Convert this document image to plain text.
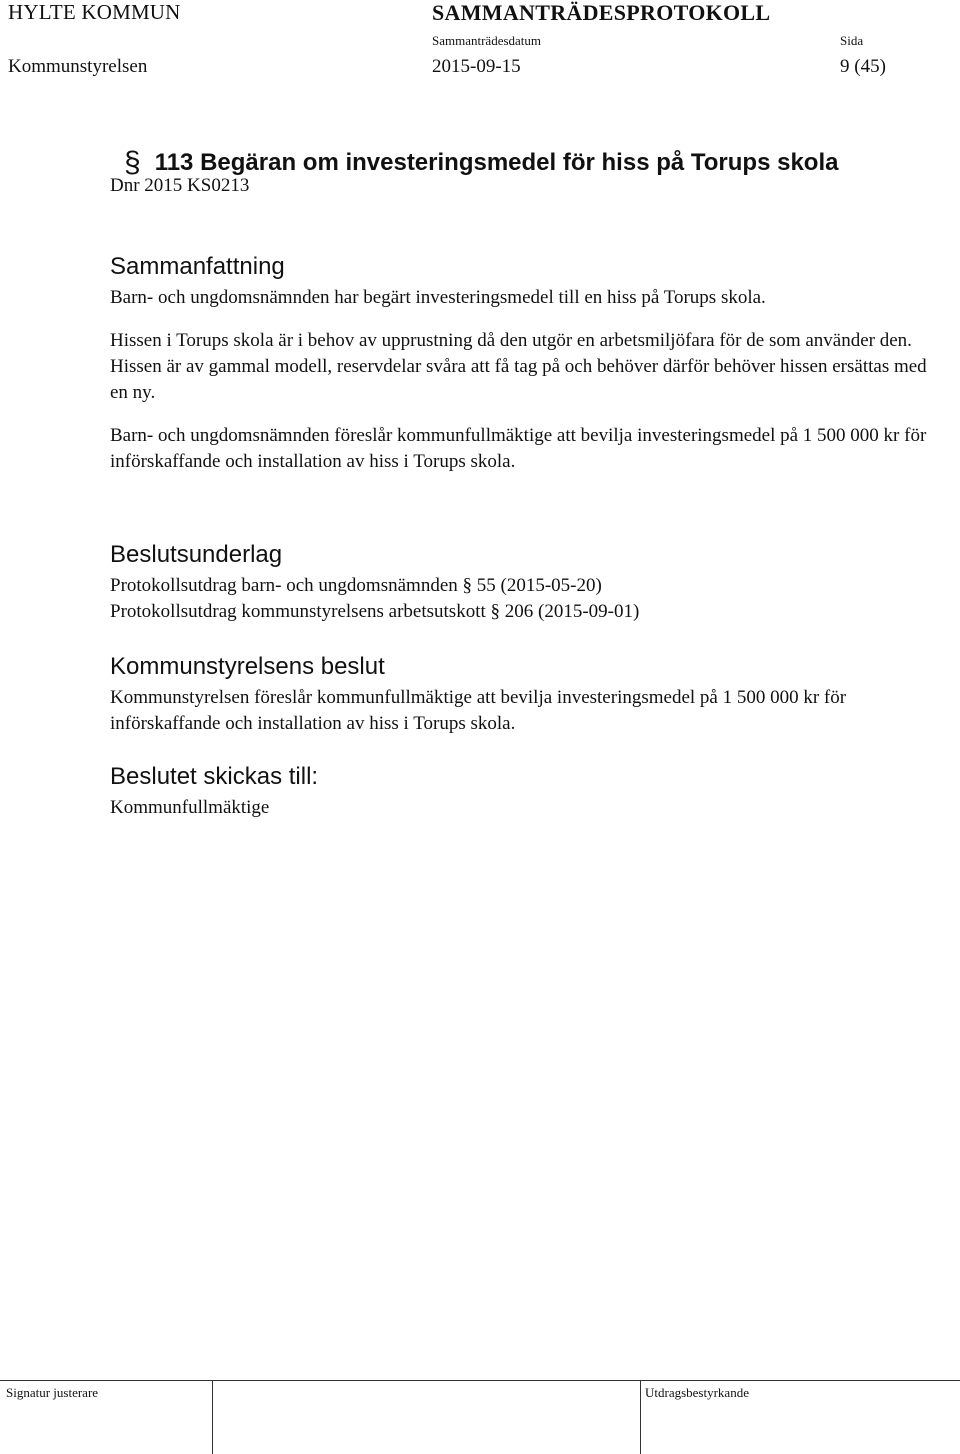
HYLTE KOMMUN	SAMMANTRÄDESPROTOKOLL
Sammanträdesdatum	Sida
Kommunstyrelsen	2015-09-15	9 (45)
§ 113 Begäran om investeringsmedel för hiss på Torups skola
Dnr 2015 KS0213
Sammanfattning

Barn- och ungdomsnämnden har begärt investeringsmedel till en hiss på Torups skola.

Hissen i Torups skola är i behov av upprustning då den utgör en arbetsmiljöfara för de som använder den. Hissen är av gammal modell, reservdelar svåra att få tag på och behöver därför behöver hissen ersättas med en ny.

Barn- och ungdomsnämnden föreslår kommunfullmäktige att bevilja investeringsmedel på 1 500 000 kr för införskaffande och installation av hiss i Torups skola.

Beslutsunderlag

Protokollsutdrag barn- och ungdomsnämnden § 55 (2015-05-20)

Protokollsutdrag kommunstyrelsens arbetsutskott § 206 (2015-09-01)

Kommunstyrelsens beslut

Kommunstyrelsen föreslår kommunfullmäktige att bevilja investeringsmedel på 1 500 000 kr för införskaffande och installation av hiss i Torups skola.

Beslutet skickas till:

Kommunfullmäktige

Signatur justerare	Utdragsbestyrkande
